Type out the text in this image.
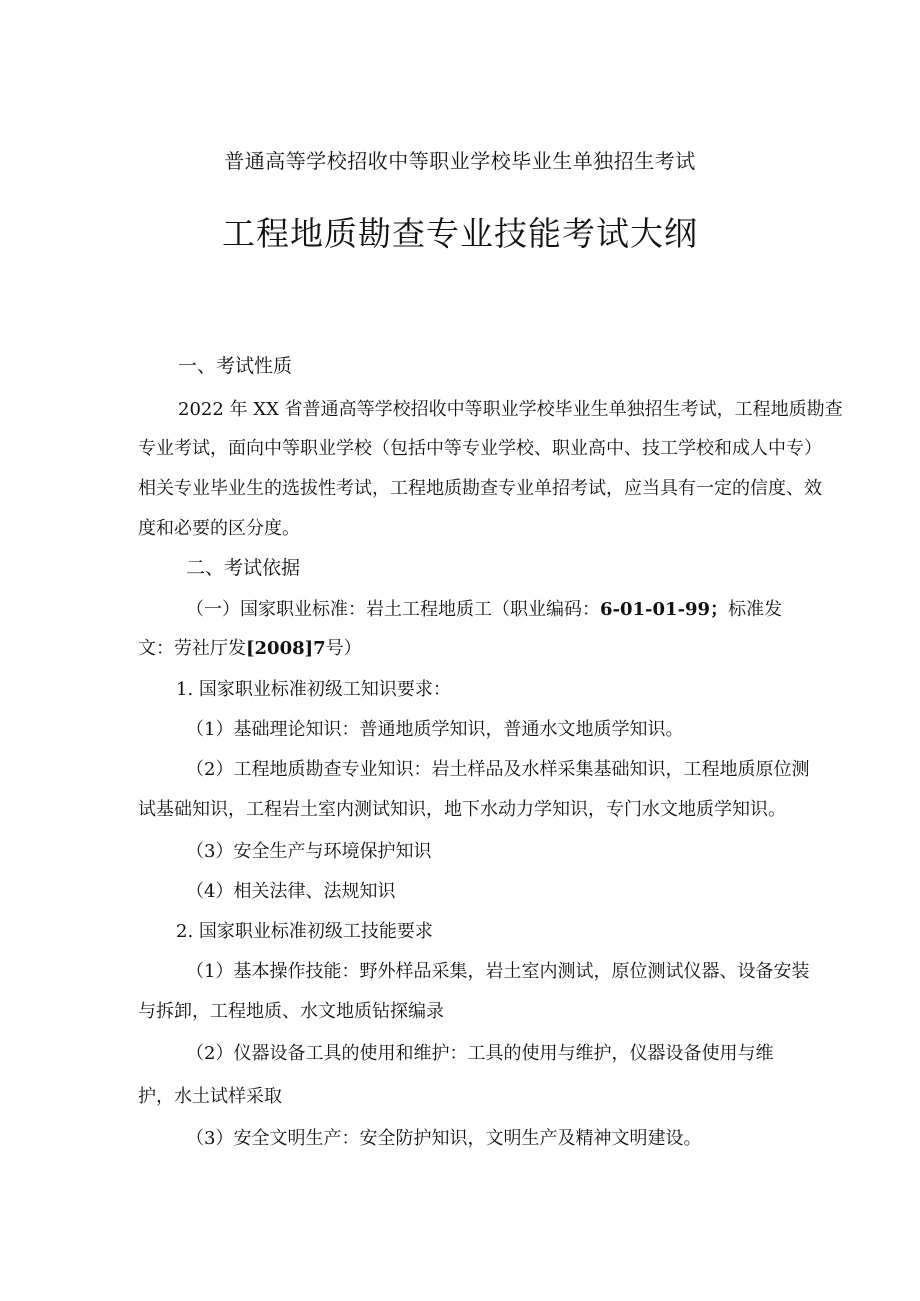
普通高等学校招收中等职业学校毕业生单独招生考试
工程地质勘查专业技能考试大纲
一、考试性质
2022 年 XX 省普通高等学校招收中等职业学校毕业生单独招生考试，工程地质勘查
专业考试，面向中等职业学校（包括中等专业学校、职业高中、技工学校和成人中专）
相关专业毕业生的选拔性考试，工程地质勘查专业单招考试，应当具有一定的信度、效
度和必要的区分度。
二、考试依据
（一）国家职业标准：岩土工程地质工（职业编码：6-01-01-99；标准发
文：劳社厅发[2008]7号）
1. 国家职业标准初级工知识要求：
（1）基础理论知识：普通地质学知识，普通水文地质学知识。
（2）工程地质勘查专业知识：岩土样品及水样采集基础知识，工程地质原位测
试基础知识，工程岩土室内测试知识，地下水动力学知识，专门水文地质学知识。
（3）安全生产与环境保护知识
（4）相关法律、法规知识
2. 国家职业标准初级工技能要求
（1）基本操作技能：野外样品采集，岩土室内测试，原位测试仪器、设备安装
与拆卸，工程地质、水文地质钻探编录
（2）仪器设备工具的使用和维护：工具的使用与维护，仪器设备使用与维
护，水土试样采取
（3）安全文明生产：安全防护知识，文明生产及精神文明建设。
